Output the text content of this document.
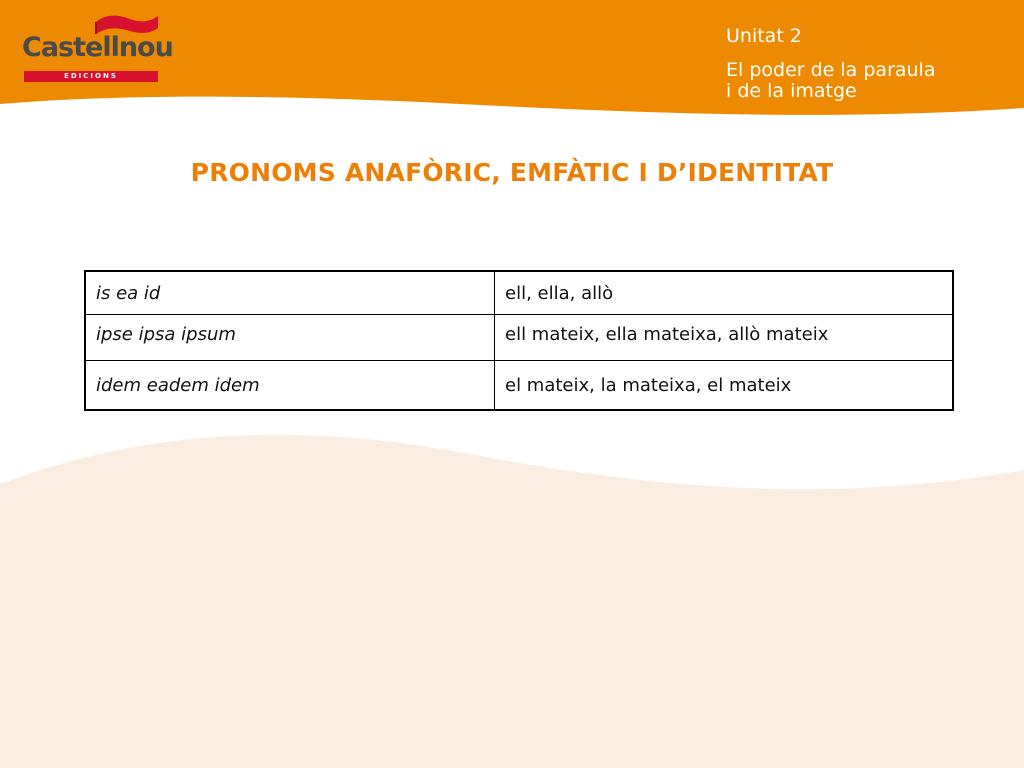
Castellnou
EDICIONS
Unitat 2
El poder de la paraula
i de la imatge
PRONOMS ANAFÒRIC, EMFÀTIC I D’IDENTITAT
is ea id	ell, ella, allò
ipse ipsa ipsum	ell mateix, ella mateixa, allò mateix
idem eadem idem	el mateix, la mateixa, el mateix
